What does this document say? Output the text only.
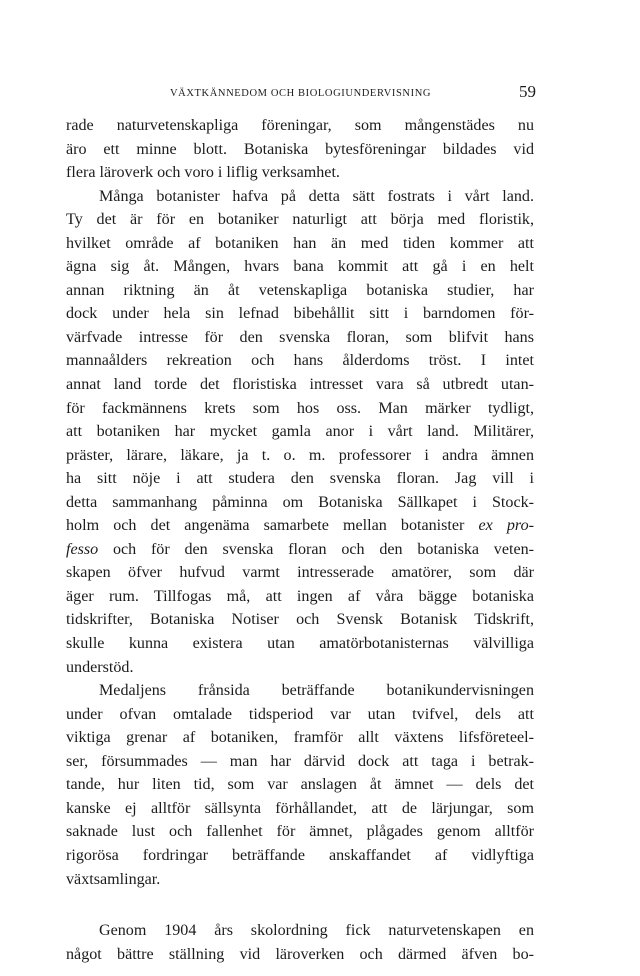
VÄXTKÄNNEDOM OCH BIOLOGIUNDERVISNING	59
rade naturvetenskapliga föreningar, som mångenstädes nu
äro ett minne blott. Botaniska bytesföreningar bildades vid
flera läroverk och voro i liflig verksamhet.
Många botanister hafva på detta sätt fostrats i vårt land.
Ty det är för en botaniker naturligt att börja med floristik,
hvilket område af botaniken han än med tiden kommer att
ägna sig åt. Mången, hvars bana kommit att gå i en helt
annan riktning än åt vetenskapliga botaniska studier, har
dock under hela sin lefnad bibehållit sitt i barndomen för-
värfvade intresse för den svenska floran, som blifvit hans
mannaålders rekreation och hans ålderdoms tröst. I intet
annat land torde det floristiska intresset vara så utbredt utan-
för fackmännens krets som hos oss. Man märker tydligt,
att botaniken har mycket gamla anor i vårt land. Militärer,
präster, lärare, läkare, ja t. o. m. professorer i andra ämnen
ha sitt nöje i att studera den svenska floran. Jag vill i
detta sammanhang påminna om Botaniska Sällkapet i Stock-
holm och det angenäma samarbete mellan botanister ex pro-
fesso och för den svenska floran och den botaniska veten-
skapen öfver hufvud varmt intresserade amatörer, som där
äger rum. Tillfogas må, att ingen af våra bägge botaniska
tidskrifter, Botaniska Notiser och Svensk Botanisk Tidskrift,
skulle kunna existera utan amatörbotanisternas välvilliga
understöd.
Medaljens frånsida beträffande botanikundervisningen
under ofvan omtalade tidsperiod var utan tvifvel, dels att
viktiga grenar af botaniken, framför allt växtens lifsföreteel-
ser, försummades — man har därvid dock att taga i betrak-
tande, hur liten tid, som var anslagen åt ämnet — dels det
kanske ej alltför sällsynta förhållandet, att de lärjungar, som
saknade lust och fallenhet för ämnet, plågades genom alltför
rigorösa fordringar beträffande anskaffandet af vidlyftiga
växtsamlingar.
Genom 1904 års skolordning fick naturvetenskapen en
något bättre ställning vid läroverken och därmed äfven bo-
